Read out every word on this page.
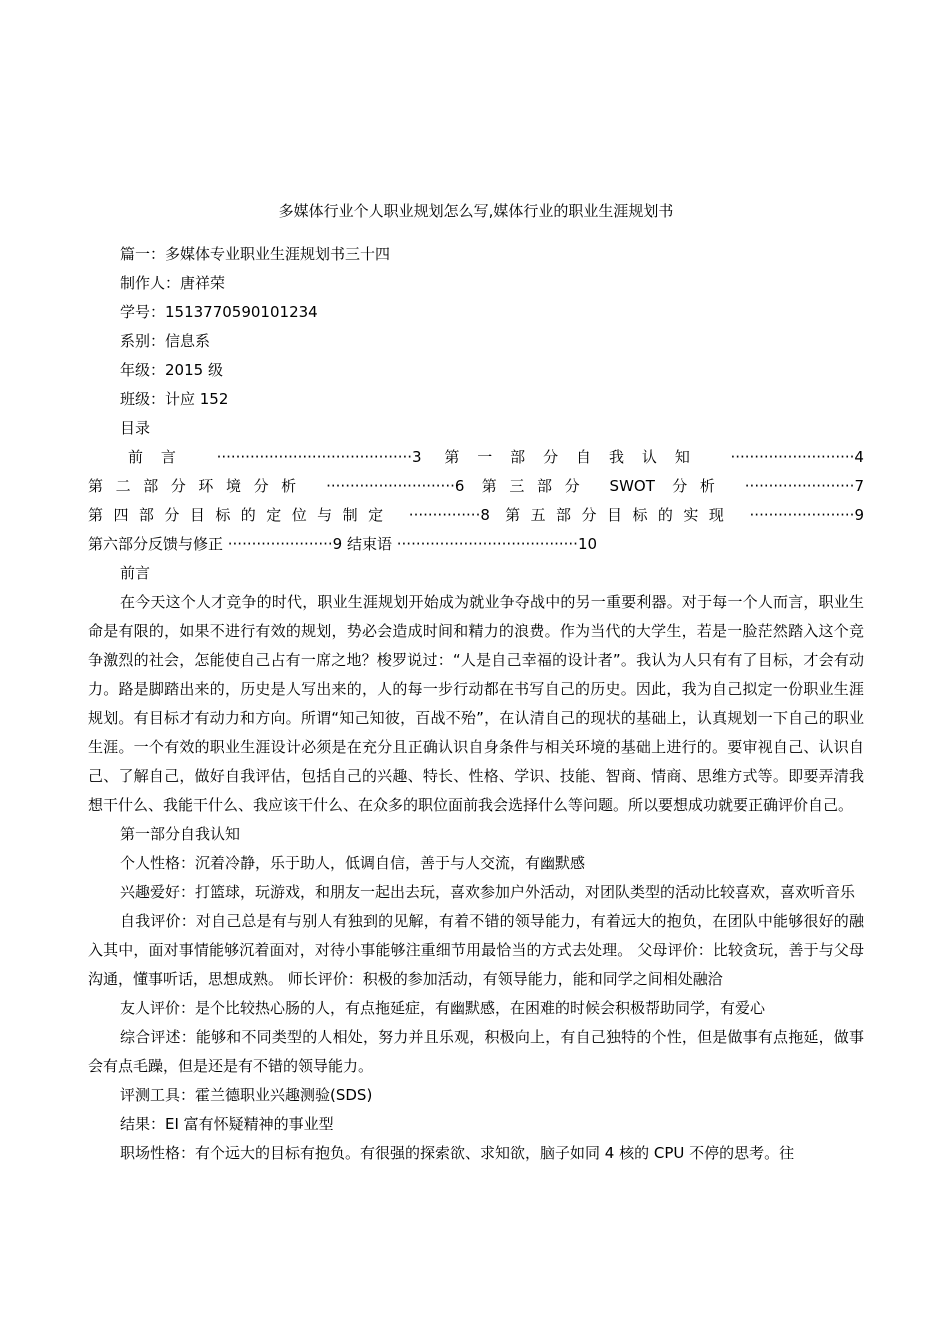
多媒体行业个人职业规划怎么写,媒体行业的职业生涯规划书

篇一：多媒体专业职业生涯规划书三十四

制作人：唐祥荣

学号：1513770590101234

系别：信息系

年级：2015 级

班级：计应 152

目录

前言 ·········································3 第一部分自我认知 ··························4 第二部分环境分析 ···························6 第三部分 SWOT 分析 ·······················7 第四部分目标的定位与制定 ···············8 第五部分目标的实现 ······················9 第六部分反馈与修正 ······················9 结束语 ······································10

前言

在今天这个人才竞争的时代，职业生涯规划开始成为就业争夺战中的另一重要利器。对于每一个人而言，职业生命是有限的，如果不进行有效的规划，势必会造成时间和精力的浪费。作为当代的大学生，若是一脸茫然踏入这个竞争激烈的社会，怎能使自己占有一席之地？梭罗说过：“人是自己幸福的设计者”。我认为人只有有了目标，才会有动力。路是脚踏出来的，历史是人写出来的，人的每一步行动都在书写自己的历史。因此，我为自己拟定一份职业生涯规划。有目标才有动力和方向。所谓“知己知彼，百战不殆”，在认清自己的现状的基础上，认真规划一下自己的职业生涯。一个有效的职业生涯设计必须是在充分且正确认识自身条件与相关环境的基础上进行的。要审视自己、认识自己、了解自己，做好自我评估，包括自己的兴趣、特长、性格、学识、技能、智商、情商、思维方式等。即要弄清我想干什么、我能干什么、我应该干什么、在众多的职位面前我会选择什么等问题。所以要想成功就要正确评价自己。

第一部分自我认知

个人性格：沉着冷静，乐于助人，低调自信，善于与人交流，有幽默感

兴趣爱好：打篮球，玩游戏，和朋友一起出去玩，喜欢参加户外活动，对团队类型的活动比较喜欢，喜欢听音乐

自我评价：对自己总是有与别人有独到的见解，有着不错的领导能力，有着远大的抱负，在团队中能够很好的融入其中，面对事情能够沉着面对，对待小事能够注重细节用最恰当的方式去处理。 父母评价：比较贪玩，善于与父母沟通，懂事听话，思想成熟。 师长评价：积极的参加活动，有领导能力，能和同学之间相处融洽

友人评价：是个比较热心肠的人，有点拖延症，有幽默感，在困难的时候会积极帮助同学，有爱心

综合评述：能够和不同类型的人相处，努力并且乐观，积极向上，有自己独特的个性，但是做事有点拖延，做事会有点毛躁，但是还是有不错的领导能力。

评测工具：霍兰德职业兴趣测验(SDS)

结果：EI 富有怀疑精神的事业型

职场性格：有个远大的目标有抱负。有很强的探索欲、求知欲，脑子如同 4 核的 CPU 不停的思考。往
